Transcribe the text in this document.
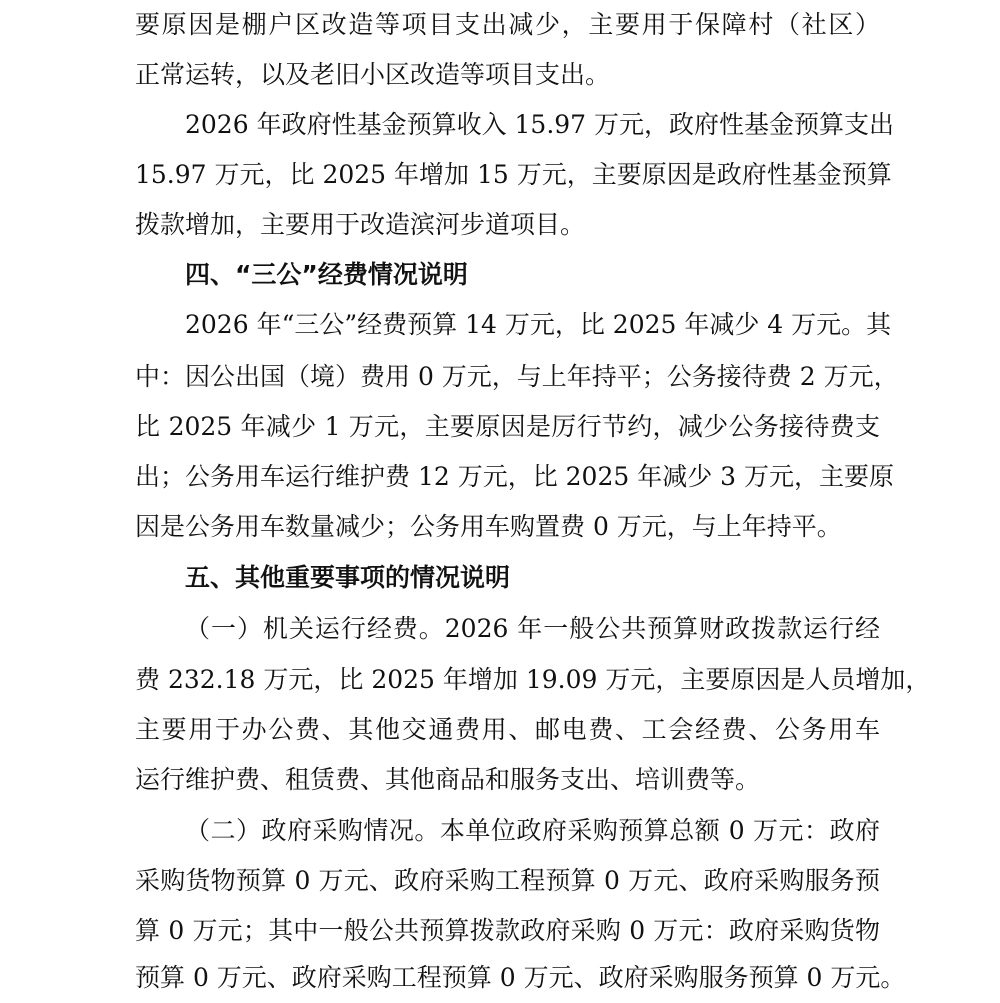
要原因是棚户区改造等项目支出减少，主要用于保障村（社区）
正常运转，以及老旧小区改造等项目支出。
2026 年政府性基金预算收入 15.97 万元，政府性基金预算支出
15.97 万元，比 2025 年增加 15 万元，主要原因是政府性基金预算
拨款增加，主要用于改造滨河步道项目。
四、“三公”经费情况说明
2026 年“三公”经费预算 14 万元，比 2025 年减少 4 万元。其
中：因公出国（境）费用 0 万元，与上年持平；公务接待费 2 万元，
比 2025 年减少 1 万元，主要原因是厉行节约，减少公务接待费支
出；公务用车运行维护费 12 万元，比 2025 年减少 3 万元，主要原
因是公务用车数量减少；公务用车购置费 0 万元，与上年持平。
五、其他重要事项的情况说明
（一）机关运行经费。2026 年一般公共预算财政拨款运行经
费 232.18 万元，比 2025 年增加 19.09 万元，主要原因是人员增加，
主要用于办公费、其他交通费用、邮电费、工会经费、公务用车
运行维护费、租赁费、其他商品和服务支出、培训费等。
（二）政府采购情况。本单位政府采购预算总额 0 万元：政府
采购货物预算 0 万元、政府采购工程预算 0 万元、政府采购服务预
算 0 万元；其中一般公共预算拨款政府采购 0 万元：政府采购货物
预算 0 万元、政府采购工程预算 0 万元、政府采购服务预算 0 万元。
